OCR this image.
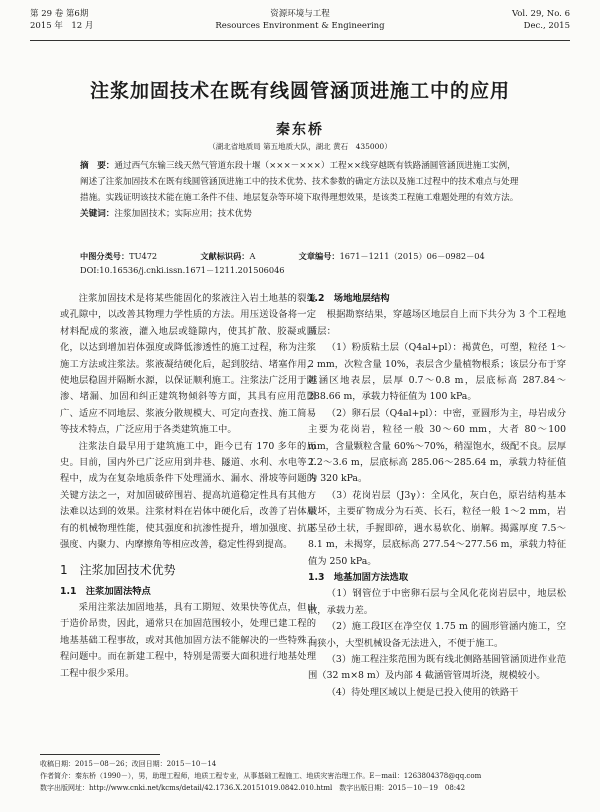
第 29 卷 第6期
2015 年　12 月
资源环境与工程
Resources Environment & Engineering
Vol. 29, No. 6
Dec., 2015
注浆加固技术在既有线圆管涵顶进施工中的应用
秦东桥
（湖北省地质局 第五地质大队，湖北 黄石　435000）
摘　要：通过西气东输三线天然气管道东段十堰（×××－×××）工程××线穿越既有铁路涵圆管涵顶进施工实例，阐述了注浆加固技术在既有线圆管涵顶进施工中的技术优势、技术参数的确定方法以及施工过程中的技术难点与处理措施。实践证明该技术能在施工条件不佳、地层复杂等环境下取得理想效果，是该类工程施工难题处理的有效方法。
关键词：注浆加固技术；实际应用；技术优势
中图分类号：TU472	文献标识码：A	文章编号：1671－1211（2015）06－0982－04
DOI:10.16536/j.cnki.issn.1671－1211.201506046

注浆加固技术是将某些能固化的浆液注入岩土地基的裂缝或孔隙中，以改善其物理力学性质的方法。用压送设备将一定材料配成的浆液，灌入地层或缝隙内，使其扩散、胶凝或固化，以达到增加岩体强度或降低渗透性的施工过程，称为注浆施工方法或注浆法。浆液凝结硬化后，起到胶结、堵塞作用，使地层稳固并隔断水源，以保证顺利施工。注浆法广泛用于防渗、堵漏、加固和纠正建筑物倾斜等方面，其具有应用范围广、适应不同地层、浆液分散规模大、可定向查找、施工简易等技术特点，广泛应用于各类建筑施工中。

注浆法自最早用于建筑施工中，距今已有 170 多年的历史。目前，国内外已广泛应用到井巷、隧道、水利、水电等工程中，成为在复杂地质条件下处理涌水、漏水、滑坡等问题的关键方法之一，对加固破碎围岩、提高坑道稳定性具有其他方法难以达到的效果。注浆材料在岩体中硬化后，改善了岩体原有的机械物理性能，使其强度和抗渗性提升，增加强度、抗压强度、内聚力、内摩擦角等相应改善，稳定性得到提高。

1　注浆加固技术优势
1.1　注浆加固法特点

采用注浆法加固地基，具有工期短、效果快等优点，但由于造价昂贵，因此，通常只在加固范围较小，处理已建工程的地基基础工程事故，或对其他加固方法不能解决的一些特殊工程问题中。而在新建工程中，特别是需要大面积进行地基处理工程中很少采用。

1.2　场地地层结构

根据勘察结果，穿越场区地层自上而下共分为 3 个工程地质层：

（1）粉质粘土层（Q4al+pl）：褐黄色，可塑，粒径 1～2 mm，次粒含量 10%，表层含少量植物根系；该层分布于穿越涵区地表层，层厚 0.7～0.8 m，层底标高 287.84～288.66 m，承载力特征值为 100 kPa。

（2）卵石层（Q4al+pl）：中密，亚圆形为主，母岩成分主要为花岗岩，粒径一般 30～60 mm，大者 80～100 mm，含量颗粒含量 60%～70%，稍湿饱水，级配不良。层厚 2.2～3.6 m，层底标高 285.06～285.64 m，承载力特征值为 320 kPa。

（3）花岗岩层（J3γ）：全风化，灰白色，原岩结构基本破坏，主要矿物成分为石英、长石，粒径一般 1～2 mm，岩芯呈砂土状，手握即碎，遇水易软化、崩解。揭露厚度 7.5～8.1 m，未揭穿，层底标高 277.54～277.56 m，承载力特征值为 250 kPa。

1.3　地基加固方法选取

（1）钢管位于中密卵石层与全风化花岗岩层中，地层松散，承载力差。

（2）施工段Ⅰ区在净空仅 1.75 m 的圆形管涵内施工，空间狭小，大型机械设备无法进入，不便于施工。

（3）施工程注浆范围为既有线北侧路基圆管涵顶进作业范围（32 m×8 m）及内部 4 截涵管管周圻浇，规模较小。

（4）待处理区域以上便是已投入使用的铁路干

收稿日期：2015－08－26；改回日期：2015－10－14
作者简介：秦东桥（1990－），男，助理工程师，地质工程专业，从事基础工程施工、地质灾害治理工作。E－mail：1263804378@qq.com
数字出版网址：http://www.cnki.net/kcms/detail/42.1736.X.20151019.0842.010.html　数字出版日期：2015－10－19　08:42
